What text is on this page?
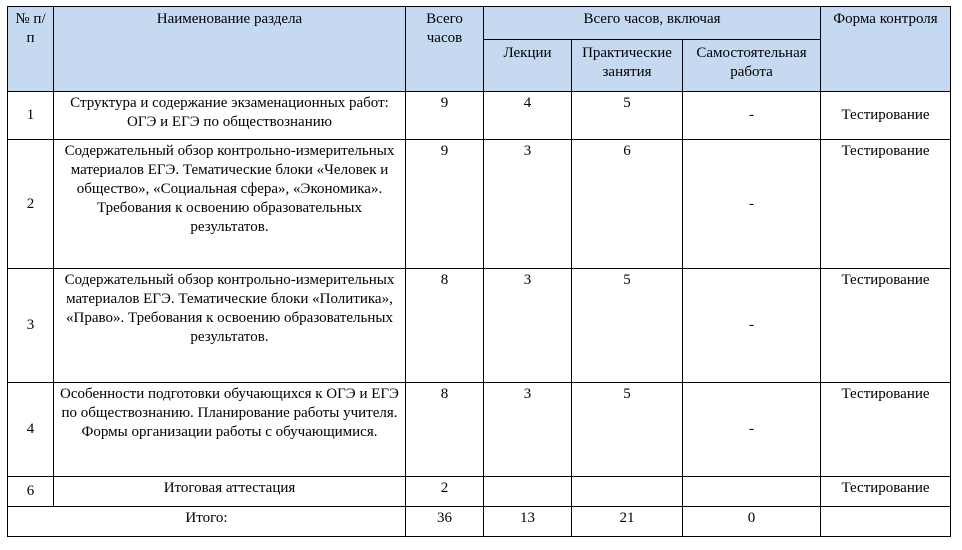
№ п/п	Наименование раздела	Всего часов	Всего часов, включая			Форма контроля
			Лекции	Практические занятия	Самостоятельная работа	
1	Структура и содержание экзаменационных работ: ОГЭ и ЕГЭ по обществознанию	9	4	5	-	Тестирование
2	Содержательный обзор контрольно-измерительных материалов ЕГЭ. Тематические блоки «Человек и общество», «Социальная сфера», «Экономика». Требования к освоению образовательных результатов.	9	3	6	-	Тестирование
3	Содержательный обзор контрольно-измерительных материалов ЕГЭ. Тематические блоки «Политика», «Право». Требования к освоению образовательных результатов.	8	3	5	-	Тестирование
4	Особенности подготовки обучающихся к ОГЭ и ЕГЭ по обществознанию. Планирование работы учителя. Формы организации работы с обучающимися.	8	3	5	-	Тестирование
6	Итоговая аттестация	2				Тестирование
Итого:		36	13	21	0	
